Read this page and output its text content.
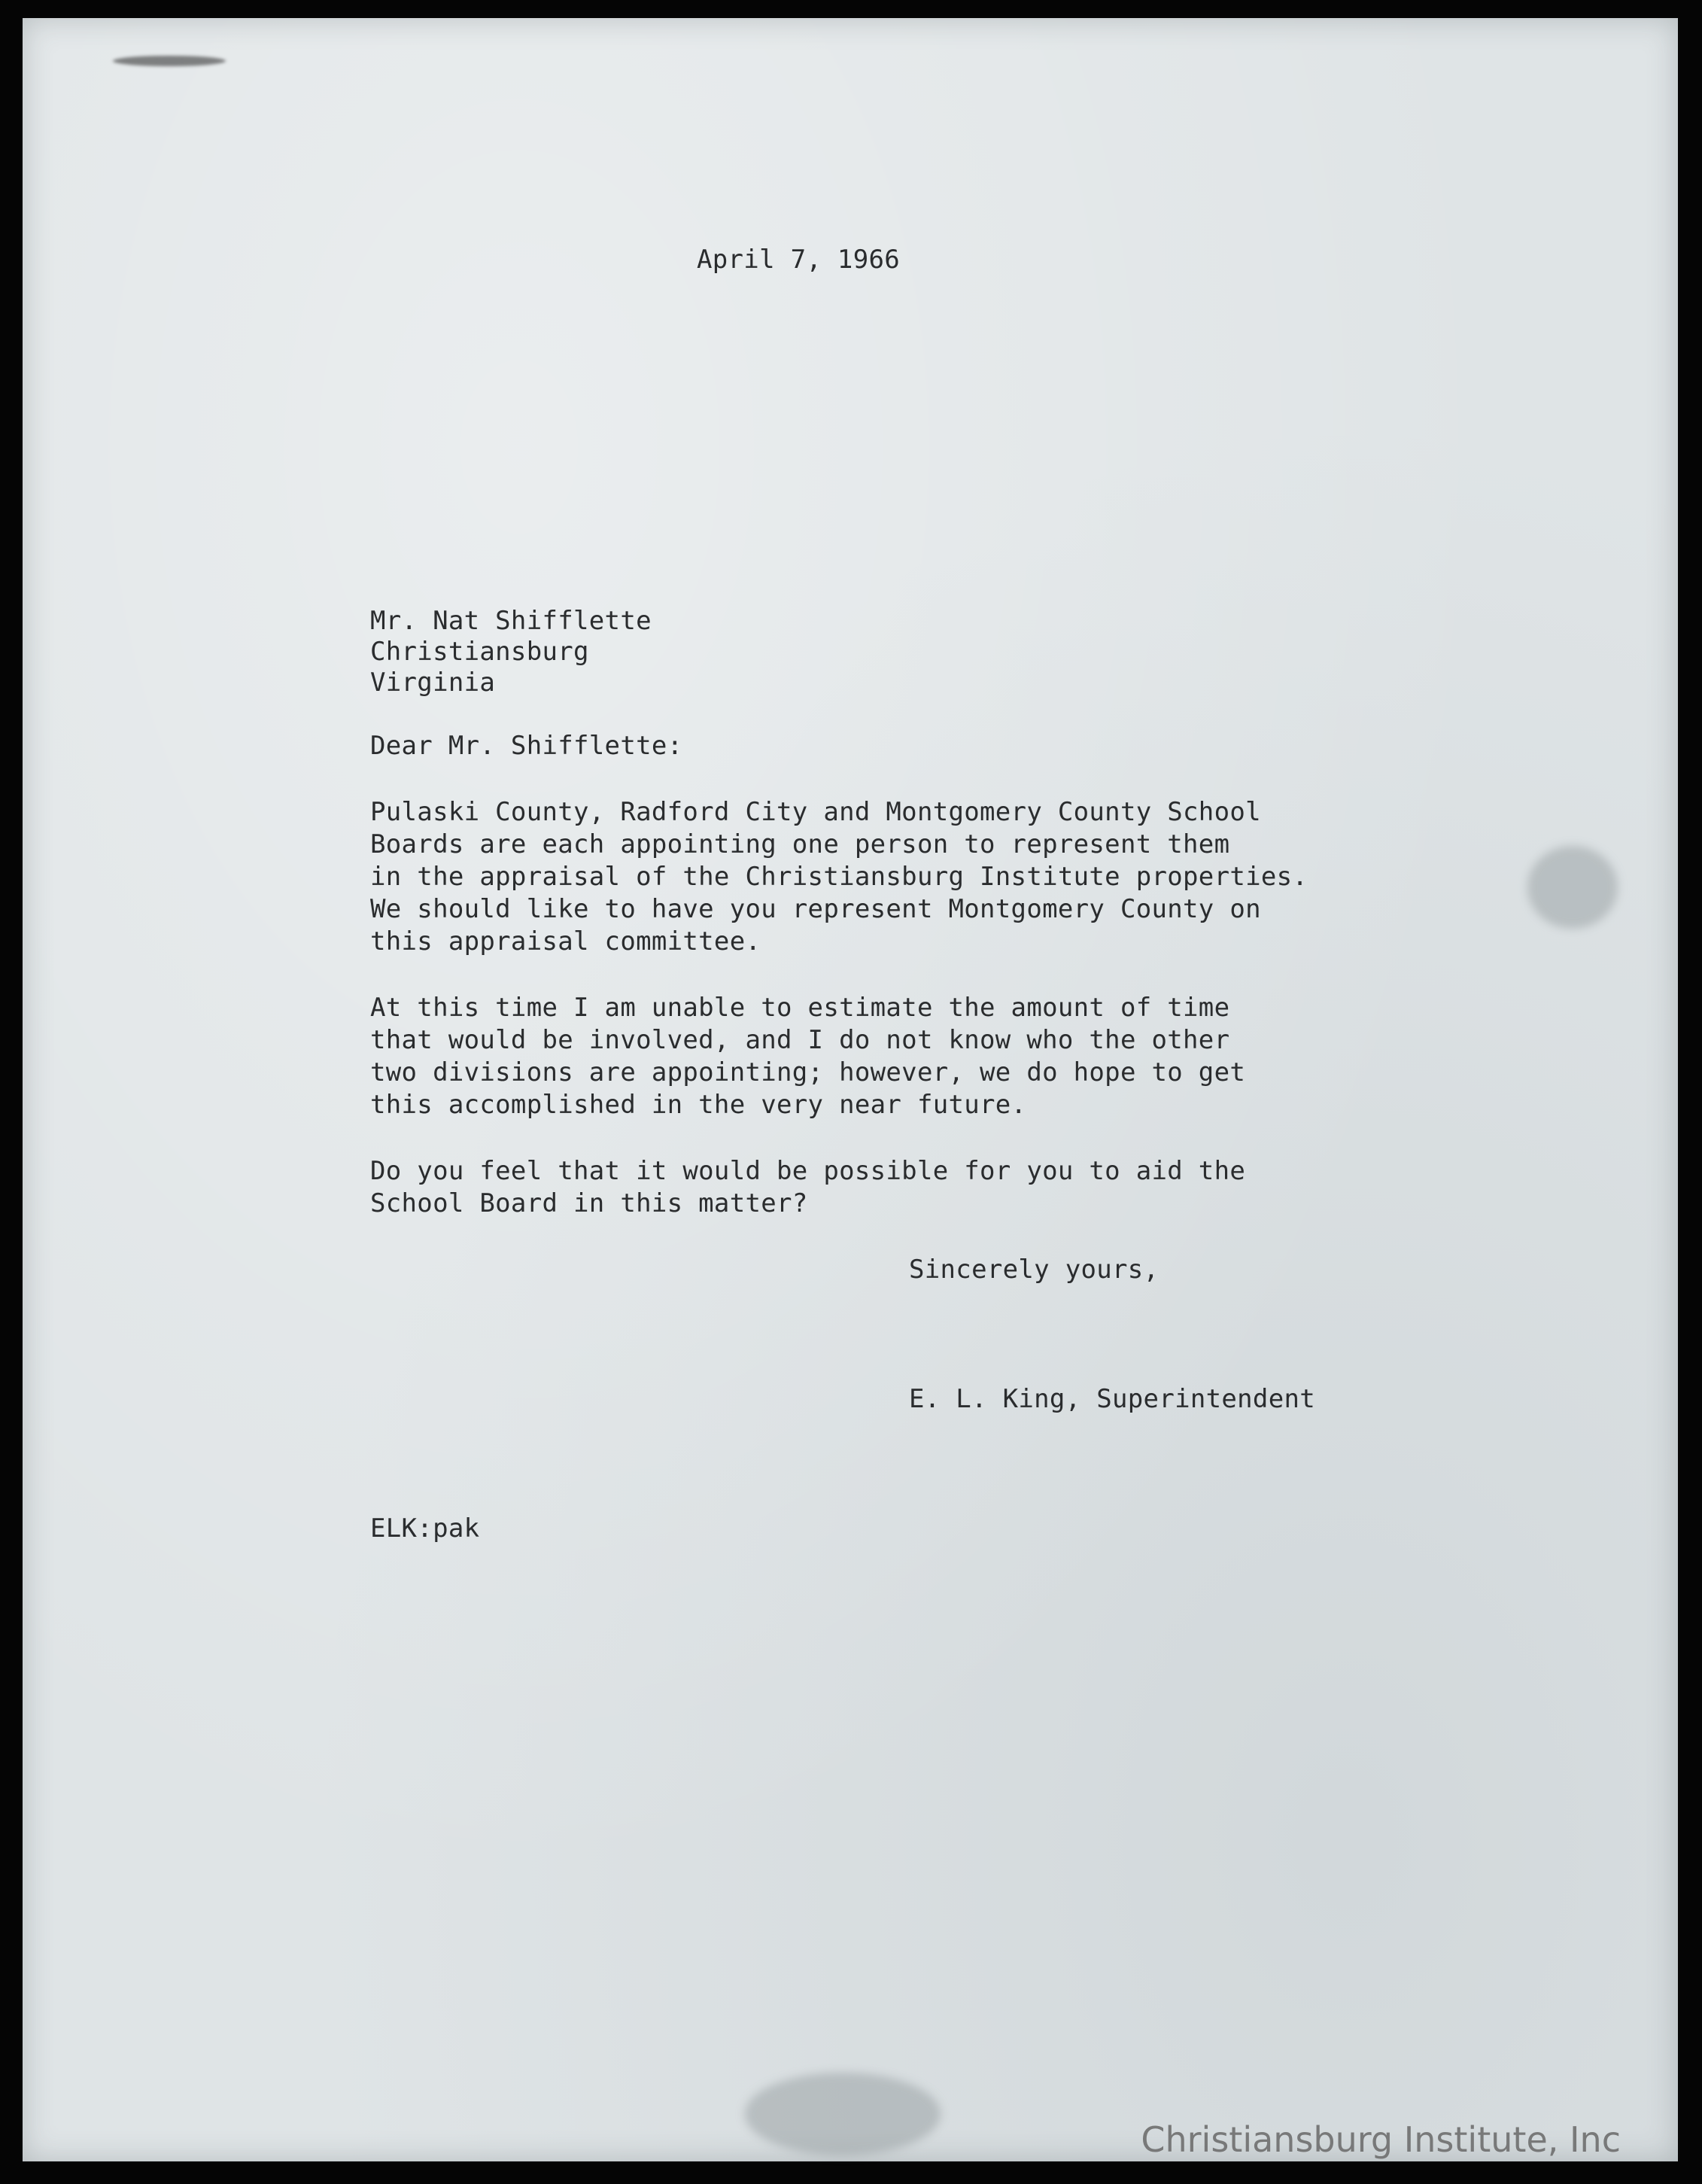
April 7, 1966

Mr. Nat Shifflette

Christiansburg

Virginia

Dear Mr. Shifflette:

Pulaski County, Radford City and Montgomery County School

Boards are each appointing one person to represent them

in the appraisal of the Christiansburg Institute properties.

We should like to have you represent Montgomery County on

this appraisal committee.

At this time I am unable to estimate the amount of time

that would be involved, and I do not know who the other

two divisions are appointing; however, we do hope to get

this accomplished in the very near future.

Do you feel that it would be possible for you to aid the

School Board in this matter?

Sincerely yours,

E. L. King, Superintendent

ELK:pak

Christiansburg Institute, Inc
